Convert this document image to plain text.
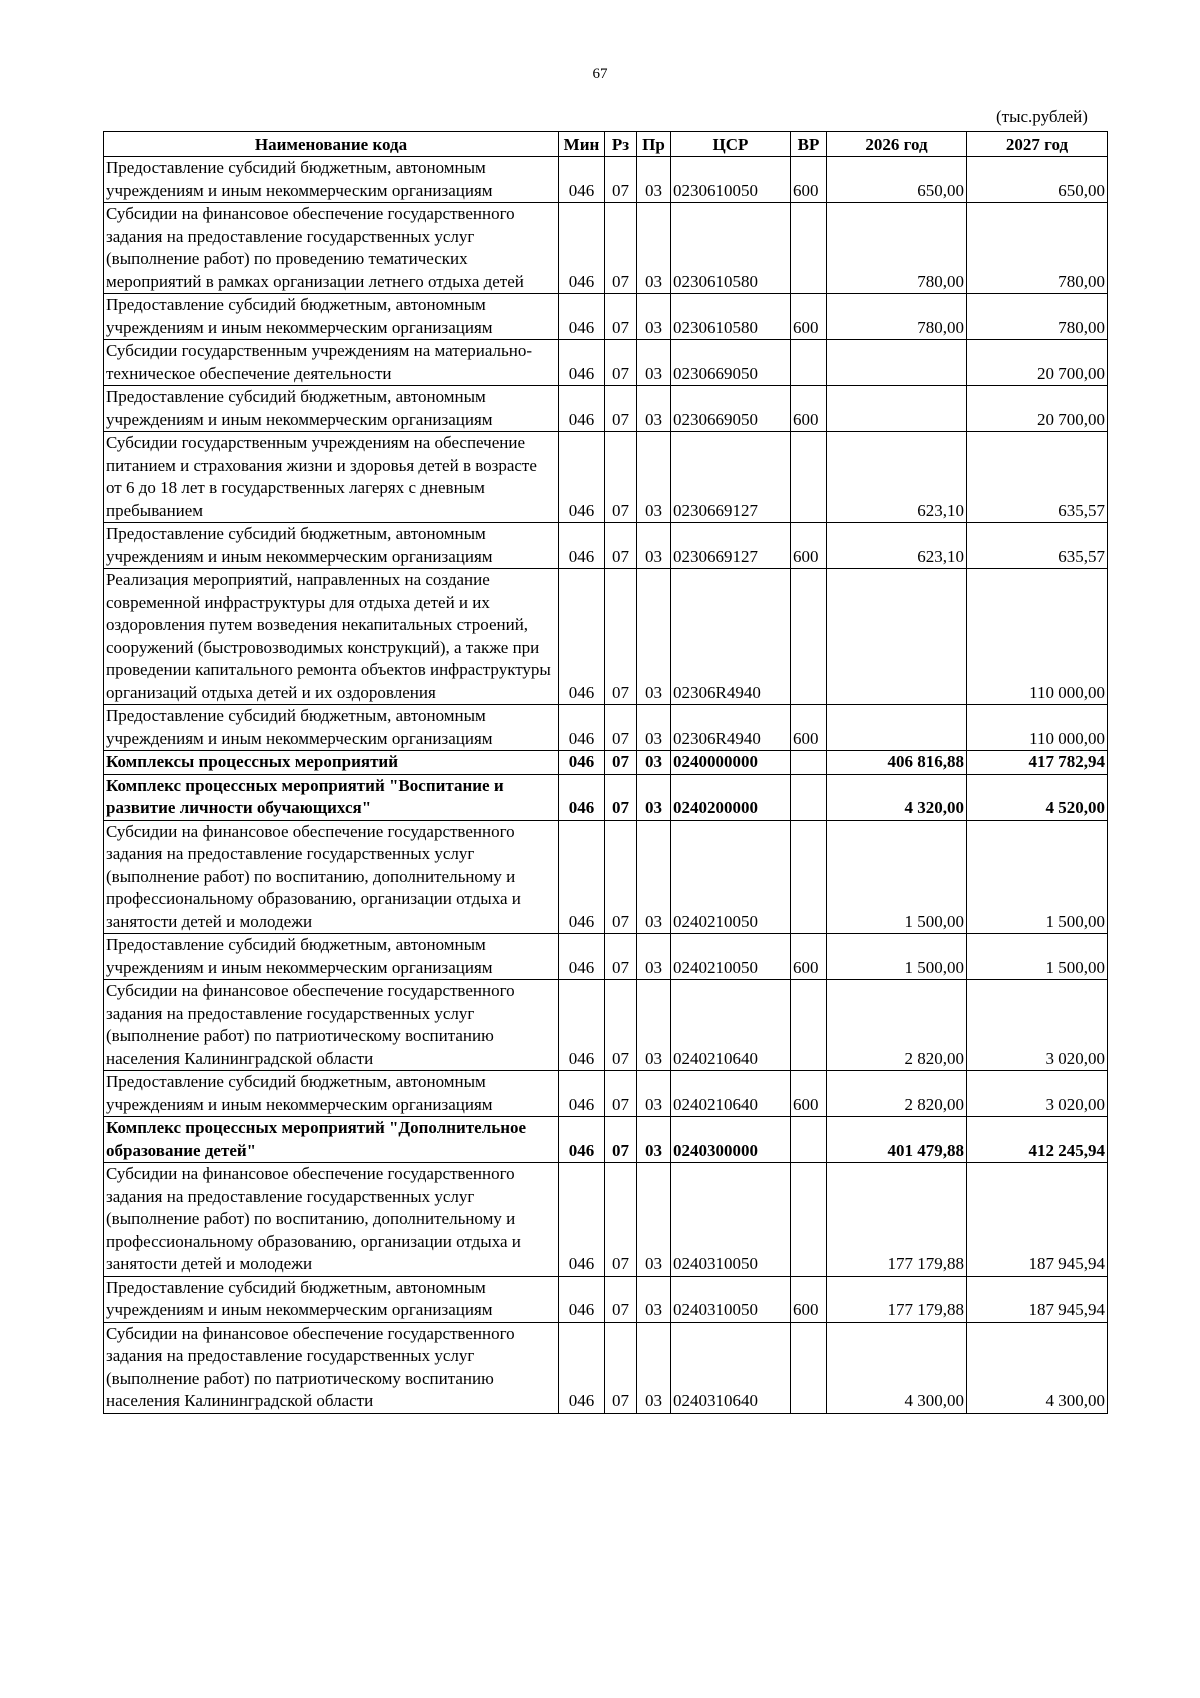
67
(тыс.рублей)
Наименование кода	Мин	Рз	Пр	ЦСР	ВР	2026 год	2027 год
Предоставление субсидий бюджетным, автономным учреждениям и иным некоммерческим организациям	046	07	03	0230610050	600	650,00	650,00
Субсидии на финансовое обеспечение государственного задания на предоставление государственных услуг (выполнение работ) по проведению тематических мероприятий в рамках организации летнего отдыха детей	046	07	03	0230610580		780,00	780,00
Предоставление субсидий бюджетным, автономным учреждениям и иным некоммерческим организациям	046	07	03	0230610580	600	780,00	780,00
Субсидии государственным учреждениям на материально-техническое обеспечение деятельности	046	07	03	0230669050			20 700,00
Предоставление субсидий бюджетным, автономным учреждениям и иным некоммерческим организациям	046	07	03	0230669050	600		20 700,00
Субсидии государственным учреждениям на обеспечение питанием и страхования жизни и здоровья детей в возрасте от 6 до 18 лет в государственных лагерях с дневным пребыванием	046	07	03	0230669127		623,10	635,57
Предоставление субсидий бюджетным, автономным учреждениям и иным некоммерческим организациям	046	07	03	0230669127	600	623,10	635,57
Реализация мероприятий, направленных на создание современной инфраструктуры для отдыха детей и их оздоровления путем возведения некапитальных строений, сооружений (быстровозводимых конструкций), а также при проведении капитального ремонта объектов инфраструктуры организаций отдыха детей и их оздоровления	046	07	03	02306R4940			110 000,00
Предоставление субсидий бюджетным, автономным учреждениям и иным некоммерческим организациям	046	07	03	02306R4940	600		110 000,00
Комплексы процессных мероприятий	046	07	03	0240000000		406 816,88	417 782,94
Комплекс процессных мероприятий "Воспитание и развитие личности обучающихся"	046	07	03	0240200000		4 320,00	4 520,00
Субсидии на финансовое обеспечение государственного задания на предоставление государственных услуг (выполнение работ) по воспитанию, дополнительному и профессиональному образованию, организации отдыха и занятости детей и молодежи	046	07	03	0240210050		1 500,00	1 500,00
Предоставление субсидий бюджетным, автономным учреждениям и иным некоммерческим организациям	046	07	03	0240210050	600	1 500,00	1 500,00
Субсидии на финансовое обеспечение государственного задания на предоставление государственных услуг (выполнение работ) по патриотическому воспитанию населения Калининградской области	046	07	03	0240210640		2 820,00	3 020,00
Предоставление субсидий бюджетным, автономным учреждениям и иным некоммерческим организациям	046	07	03	0240210640	600	2 820,00	3 020,00
Комплекс процессных мероприятий "Дополнительное образование детей"	046	07	03	0240300000		401 479,88	412 245,94
Субсидии на финансовое обеспечение государственного задания на предоставление государственных услуг (выполнение работ) по воспитанию, дополнительному и профессиональному образованию, организации отдыха и занятости детей и молодежи	046	07	03	0240310050		177 179,88	187 945,94
Предоставление субсидий бюджетным, автономным учреждениям и иным некоммерческим организациям	046	07	03	0240310050	600	177 179,88	187 945,94
Субсидии на финансовое обеспечение государственного задания на предоставление государственных услуг (выполнение работ) по патриотическому воспитанию населения Калининградской области	046	07	03	0240310640		4 300,00	4 300,00
